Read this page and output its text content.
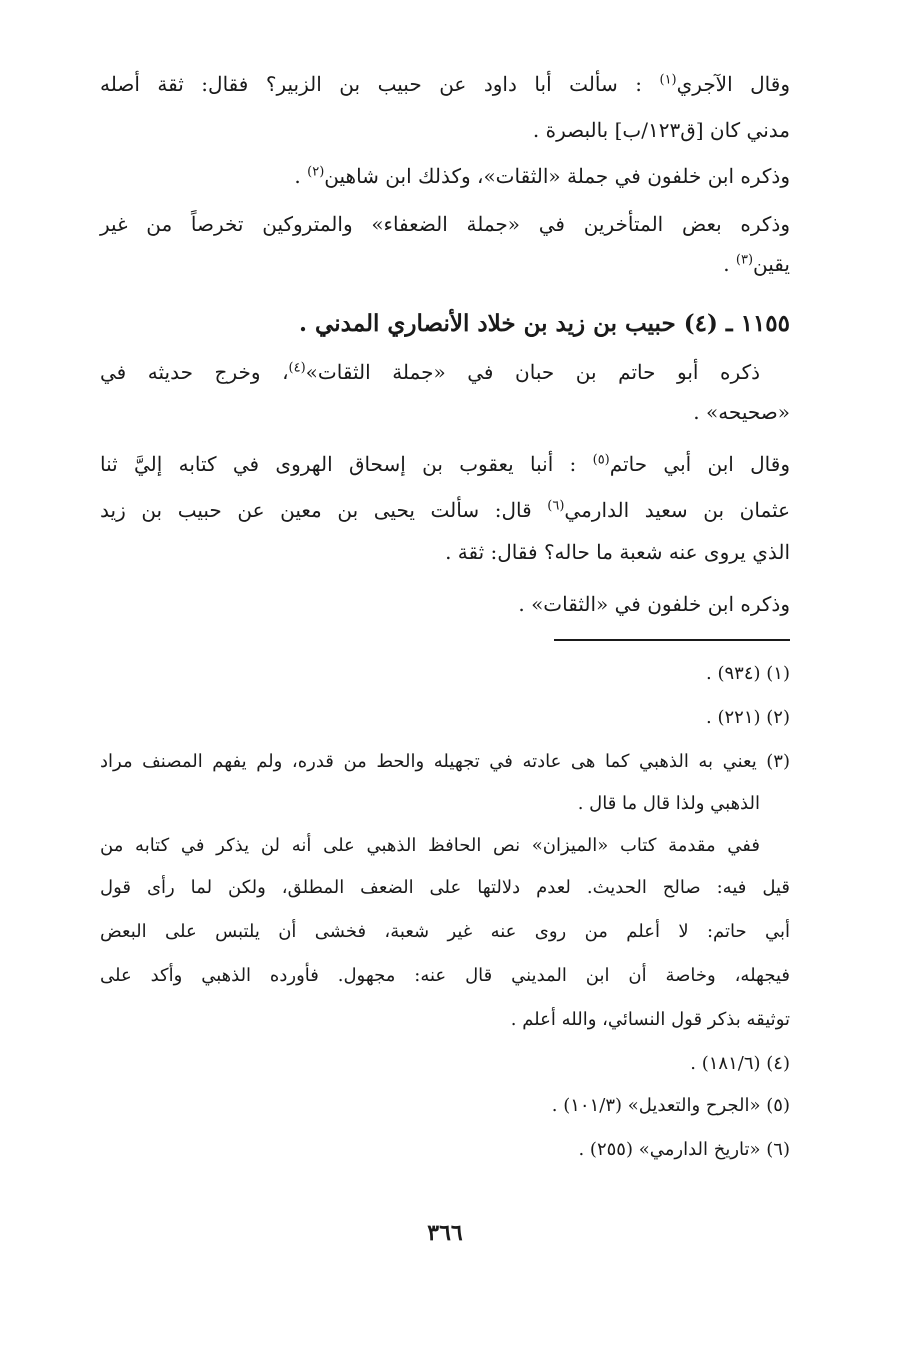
وقال الآجري$^{(١)}$ : سألت أبا داود عن حبيب بن الزبير؟ فقال: ثقة أصله
مدني كان [ق١٢٣/ب] بالبصرة .
وذكره ابن خلفون في جملة «الثقات»، وكذلك ابن شاهين$^{(٢)}$ .
وذكره بعض المتأخرين في «جملة الضعفاء» والمتروكين تخرصاً من غير
يقين$^{(٣)}$ .
١١٥٥ ـ (٤) حبيب بن زيد بن خلاد الأنصاري المدني .
ذكره أبو حاتم بن حبان في «جملة الثقات»$^{(٤)}$، وخرج حديثه في
«صحيحه» .
وقال ابن أبي حاتم$^{(٥)}$ : أنبا يعقوب بن إسحاق الهروى في كتابه إليَّ ثنا
عثمان بن سعيد الدارمي$^{(٦)}$ قال: سألت يحيى بن معين عن حبيب بن زيد
الذي يروى عنه شعبة ما حاله؟ فقال: ثقة .
وذكره ابن خلفون في «الثقات» .
(١) (٩٣٤) .
(٢) (٢٢١) .
(٣) يعني به الذهبي كما هى عادته في تجهيله والحط من قدره، ولم يفهم المصنف مراد
الذهبي ولذا قال ما قال .
ففي مقدمة كتاب «الميزان» نص الحافظ الذهبي على أنه لن يذكر في كتابه من
قيل فيه: صالح الحديث. لعدم دلالتها على الضعف المطلق، ولكن لما رأى قول
أبي حاتم: لا أعلم من روى عنه غير شعبة، فخشى أن يلتبس على البعض
فيجهله، وخاصة أن ابن المديني قال عنه: مجهول. فأورده الذهبي وأكد على
توثيقه بذكر قول النسائي، والله أعلم .
(٤) (١٨١/٦) .
(٥) «الجرح والتعديل» (١٠١/٣) .
(٦) «تاريخ الدارمي» (٢٥٥) .
٣٦٦
